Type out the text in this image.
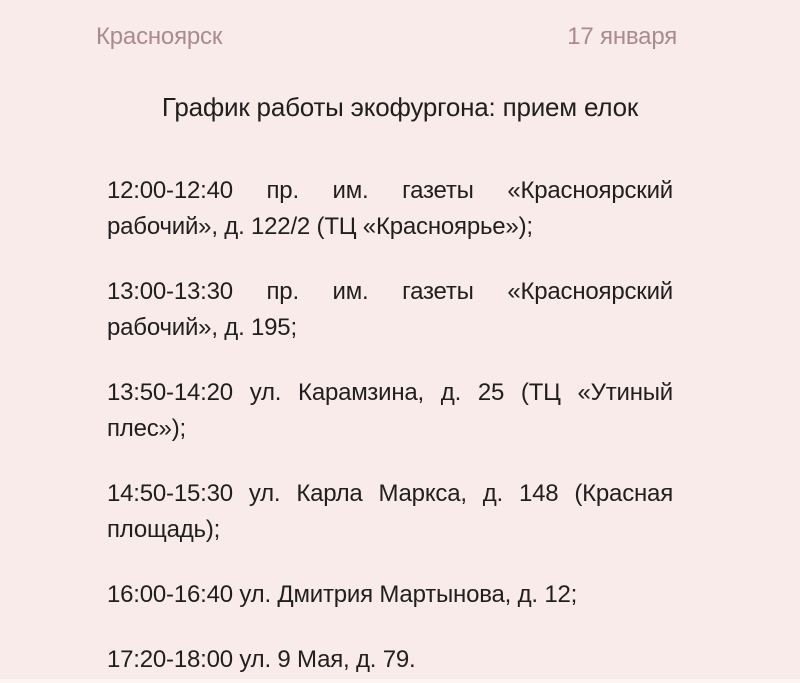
Красноярск	17 января
График работы экофургона: прием елок

12:00-12:40 пр. им. газеты «Красноярский рабочий», д. 122/2 (ТЦ «Красноярье»);

13:00-13:30 пр. им. газеты «Красноярский рабочий», д. 195;

13:50-14:20 ул. Карамзина, д. 25 (ТЦ «Утиный плес»);

14:50-15:30 ул. Карла Маркса, д. 148 (Красная площадь);

16:00-16:40 ул. Дмитрия Мартынова, д. 12;

17:20-18:00 ул. 9 Мая, д. 79.
